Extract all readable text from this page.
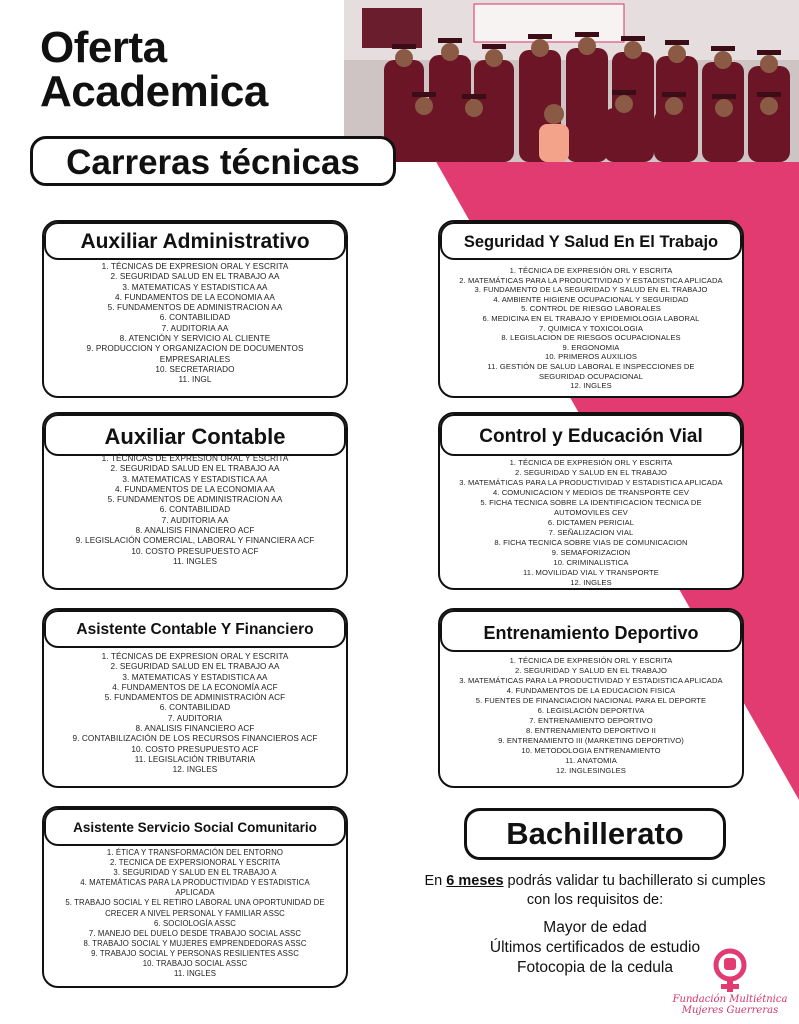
Oferta
Academica
Carreras técnicas
Auxiliar Administrativo
1. TÉCNICAS DE EXPRESION ORAL Y ESCRITA
2. SEGURIDAD SALUD EN EL TRABAJO AA
3. MATEMATICAS Y ESTADISTICA AA
4. FUNDAMENTOS DE LA ECONOMIA AA
5. FUNDAMENTOS DE ADMINISTRACION AA
6. CONTABILIDAD
7. AUDITORIA AA
8. ATENCIÓN Y SERVICIO AL CLIENTE
9. PRODUCCION Y ORGANIZACION DE DOCUMENTOS EMPRESARIALES
10. SECRETARIADO
11. INGL
Seguridad Y Salud En El Trabajo
1. TÉCNICA DE EXPRESIÓN ORL Y ESCRITA
2. MATEMÁTICAS PARA LA PRODUCTIVIDAD Y ESTADISTICA APLICADA
3. FUNDAMENTO DE LA SEGURIDAD Y SALUD EN EL TRABAJO
4. AMBIENTE HIGIENE OCUPACIONAL Y SEGURIDAD
5. CONTROL DE RIESGO LABORALES
6. MEDICINA EN EL TRABAJO Y EPIDEMIOLOGIA LABORAL
7. QUIMICA Y TOXICOLOGIA
8. LEGISLACION DE RIESGOS OCUPACIONALES
9. ERGONOMIA
10. PRIMEROS AUXILIOS
11. GESTIÓN DE SALUD LABORAL E INSPECCIONES DE SEGURIDAD OCUPACIONAL
12. INGLES
Auxiliar Contable
1. TÉCNICAS DE EXPRESION ORAL Y ESCRITA
2. SEGURIDAD SALUD EN EL TRABAJO AA
3. MATEMATICAS Y ESTADISTICA AA
4. FUNDAMENTOS DE LA ECONOMIA AA
5. FUNDAMENTOS DE ADMINISTRACION AA
6. CONTABILIDAD
7. AUDITORIA AA
8. ANALISIS FINANCIERO ACF
9. LEGISLACIÓN COMERCIAL, LABORAL Y FINANCIERA ACF
10. COSTO PRESUPUESTO ACF
11. INGLES
Control y Educación Vial
1. TÉCNICA DE EXPRESIÓN ORL Y ESCRITA
2. SEGURIDAD Y SALUD EN EL TRABAJO
3. MATEMÁTICAS PARA LA PRODUCTIVIDAD Y ESTADISTICA APLICADA
4. COMUNICACION Y MEDIOS DE TRANSPORTE CEV
5. FICHA TECNICA SOBRE LA IDENTIFICACION TECNICA DE AUTOMOVILES CEV
6. DICTAMEN PERICIAL
7. SEÑALIZACION VIAL
8. FICHA TECNICA SOBRE VIAS DE COMUNICACION
9. SEMAFORIZACION
10. CRIMINALISTICA
11. MOVILIDAD VIAL Y TRANSPORTE
12. INGLES
Asistente Contable Y Financiero
1. TÉCNICAS DE EXPRESION ORAL Y ESCRITA
2. SEGURIDAD SALUD EN EL TRABAJO AA
3. MATEMATICAS Y ESTADISTICA AA
4. FUNDAMENTOS DE LA ECONOMÍA ACF
5. FUNDAMENTOS DE ADMINISTRACIÓN ACF
6. CONTABILIDAD
7. AUDITORIA
8. ANALISIS FINANCIERO ACF
9. CONTABILIZACIÓN DE LOS RECURSOS FINANCIEROS ACF
10. COSTO PRESUPUESTO ACF
11. LEGISLACIÓN TRIBUTARIA
12. INGLES
Entrenamiento Deportivo
1. TÉCNICA DE EXPRESIÓN ORL Y ESCRITA
2. SEGURIDAD Y SALUD EN EL TRABAJO
3. MATEMÁTICAS PARA LA PRODUCTIVIDAD Y ESTADISTICA APLICADA
4. FUNDAMENTOS DE LA EDUCACION FISICA
5. FUENTES DE FINANCIACION NACIONAL PARA EL DEPORTE
6. LEGISLACIÓN DEPORTIVA
7. ENTRENAMIENTO DEPORTIVO
8. ENTRENAMIENTO DEPORTIVO II
9. ENTRENAMIENTO III (MARKETING DEPORTIVO)
10. METODOLOGIA ENTRENAMIENTO
11. ANATOMIA
12. INGLESINGLES
Asistente Servicio Social Comunitario
1. ÉTICA Y TRANSFORMACIÓN DEL ENTORNO
2. TECNICA DE EXPERSIONORAL Y ESCRITA
3. SEGURIDAD Y SALUD EN EL TRABAJO A
4. MATEMÁTICAS PARA LA PRODUCTIVIDAD Y ESTADISTICA APLICADA
5. TRABAJO SOCIAL Y EL RETIRO LABORAL UNA OPORTUNIDAD DE CRECER A NIVEL PERSONAL Y FAMILIAR ASSC
6. SOCIOLOGÍA ASSC
7. MANEJO DEL DUELO DESDE TRABAJO SOCIAL ASSC
8. TRABAJO SOCIAL Y MUJERES EMPRENDEDORAS ASSC
9. TRABAJO SOCIAL Y PERSONAS RESILIENTES ASSC
10. TRABAJO SOCIAL ASSC
11. INGLES
Bachillerato
En 6 meses podrás validar tu bachillerato si cumples con los requisitos de:
Mayor de edad
Últimos certificados de estudio
Fotocopia de la cedula
Fundación Multiétnica
Mujeres Guerreras
